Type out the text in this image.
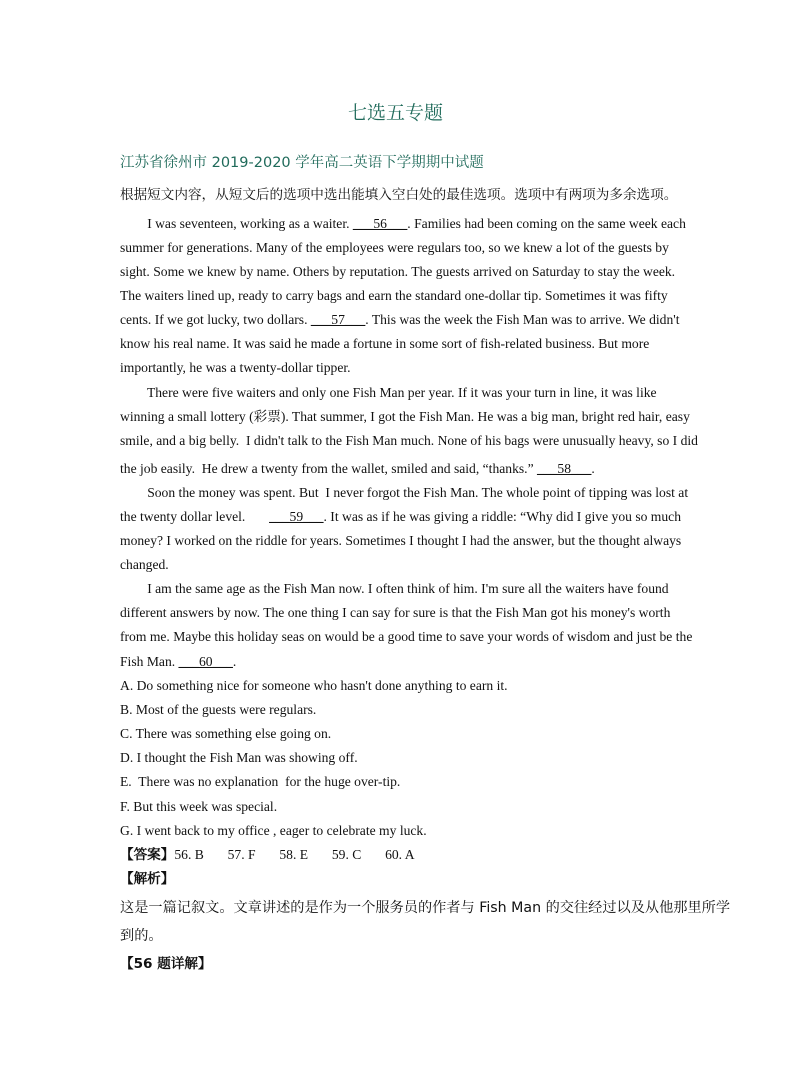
七选五专题
江苏省徐州市 2019-2020 学年高二英语下学期期中试题
根据短文内容，从短文后的选项中选出能填入空白处的最佳选项。选项中有两项为多余选项。
I was seventeen, working as a waiter. ___56___. Families had been coming on the same week each
summer for generations. Many of the employees were regulars too, so we knew a lot of the guests by
sight. Some we knew by name. Others by reputation. The guests arrived on Saturday to stay the week.
The waiters lined up, ready to carry bags and earn the standard one-dollar tip. Sometimes it was fifty
cents. If we got lucky, two dollars. ___57___. This was the week the Fish Man was to arrive. We didn't
know his real name. It was said he made a fortune in some sort of fish-related business. But more
importantly, he was a twenty-dollar tipper.
There were five waiters and only one Fish Man per year. If it was your turn in line, it was like
winning a small lottery (彩票). That summer, I got the Fish Man. He was a big man, bright red hair, easy
smile, and a big belly.  I didn't talk to the Fish Man much. None of his bags were unusually heavy, so I did
the job easily.  He drew a twenty from the wallet, smiled and said, “thanks.” ___58___.
Soon the money was spent. But  I never forgot the Fish Man. The whole point of tipping was lost at
the twenty dollar level.       ___59___. It was as if he was giving a riddle: “Why did I give you so much
money? I worked on the riddle for years. Sometimes I thought I had the answer, but the thought always
changed.
I am the same age as the Fish Man now. I often think of him. I'm sure all the waiters have found
different answers by now. The one thing I can say for sure is that the Fish Man got his money's worth
from me. Maybe this holiday seas on would be a good time to save your words of wisdom and just be the
Fish Man. ___60___.
A. Do something nice for someone who hasn't done anything to earn it.
B. Most of the guests were regulars.
C. There was something else going on.
D. I thought the Fish Man was showing off.
E.  There was no explanation  for the huge over-tip.
F. But this week was special.
G. I went back to my office , eager to celebrate my luck.
【答案】56. B       57. F       58. E       59. C       60. A
【解析】
这是一篇记叙文。文章讲述的是作为一个服务员的作者与 Fish Man 的交往经过以及从他那里所学
到的。
【56 题详解】
